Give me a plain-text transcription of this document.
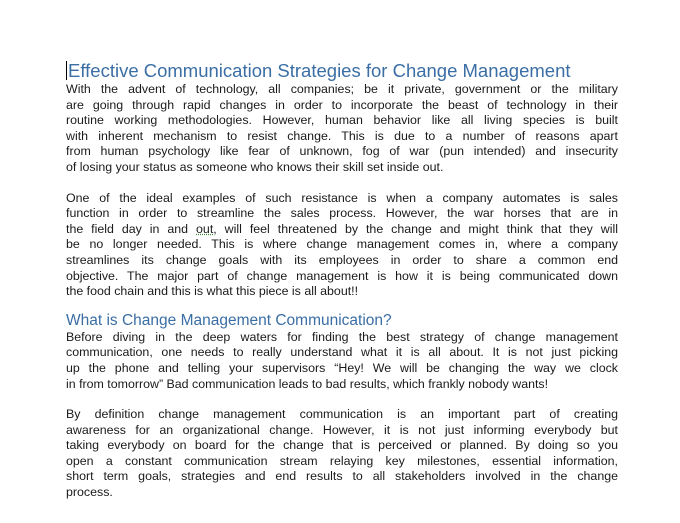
Effective Communication Strategies for Change Management

With the advent of technology, all companies; be it private, government or the military
are going through rapid changes in order to incorporate the beast of technology in their
routine working methodologies. However, human behavior like all living species is built
with inherent mechanism to resist change. This is due to a number of reasons apart
from human psychology like fear of unknown, fog of war (pun intended) and insecurity
of losing your status as someone who knows their skill set inside out.

One of the ideal examples of such resistance is when a company automates is sales
function in order to streamline the sales process. However, the war horses that are in
the field day in and out, will feel threatened by the change and might think that they will
be no longer needed. This is where change management comes in, where a company
streamlines its change goals with its employees in order to share a common end
objective. The major part of change management is how it is being communicated down
the food chain and this is what this piece is all about!!

What is Change Management Communication?

Before diving in the deep waters for finding the best strategy of change management
communication, one needs to really understand what it is all about. It is not just picking
up the phone and telling your supervisors “Hey! We will be changing the way we clock
in from tomorrow” Bad communication leads to bad results, which frankly nobody wants!

By definition change management communication is an important part of creating
awareness for an organizational change. However, it is not just informing everybody but
taking everybody on board for the change that is perceived or planned. By doing so you
open a constant communication stream relaying key milestones, essential information,
short term goals, strategies and end results to all stakeholders involved in the change
process.
